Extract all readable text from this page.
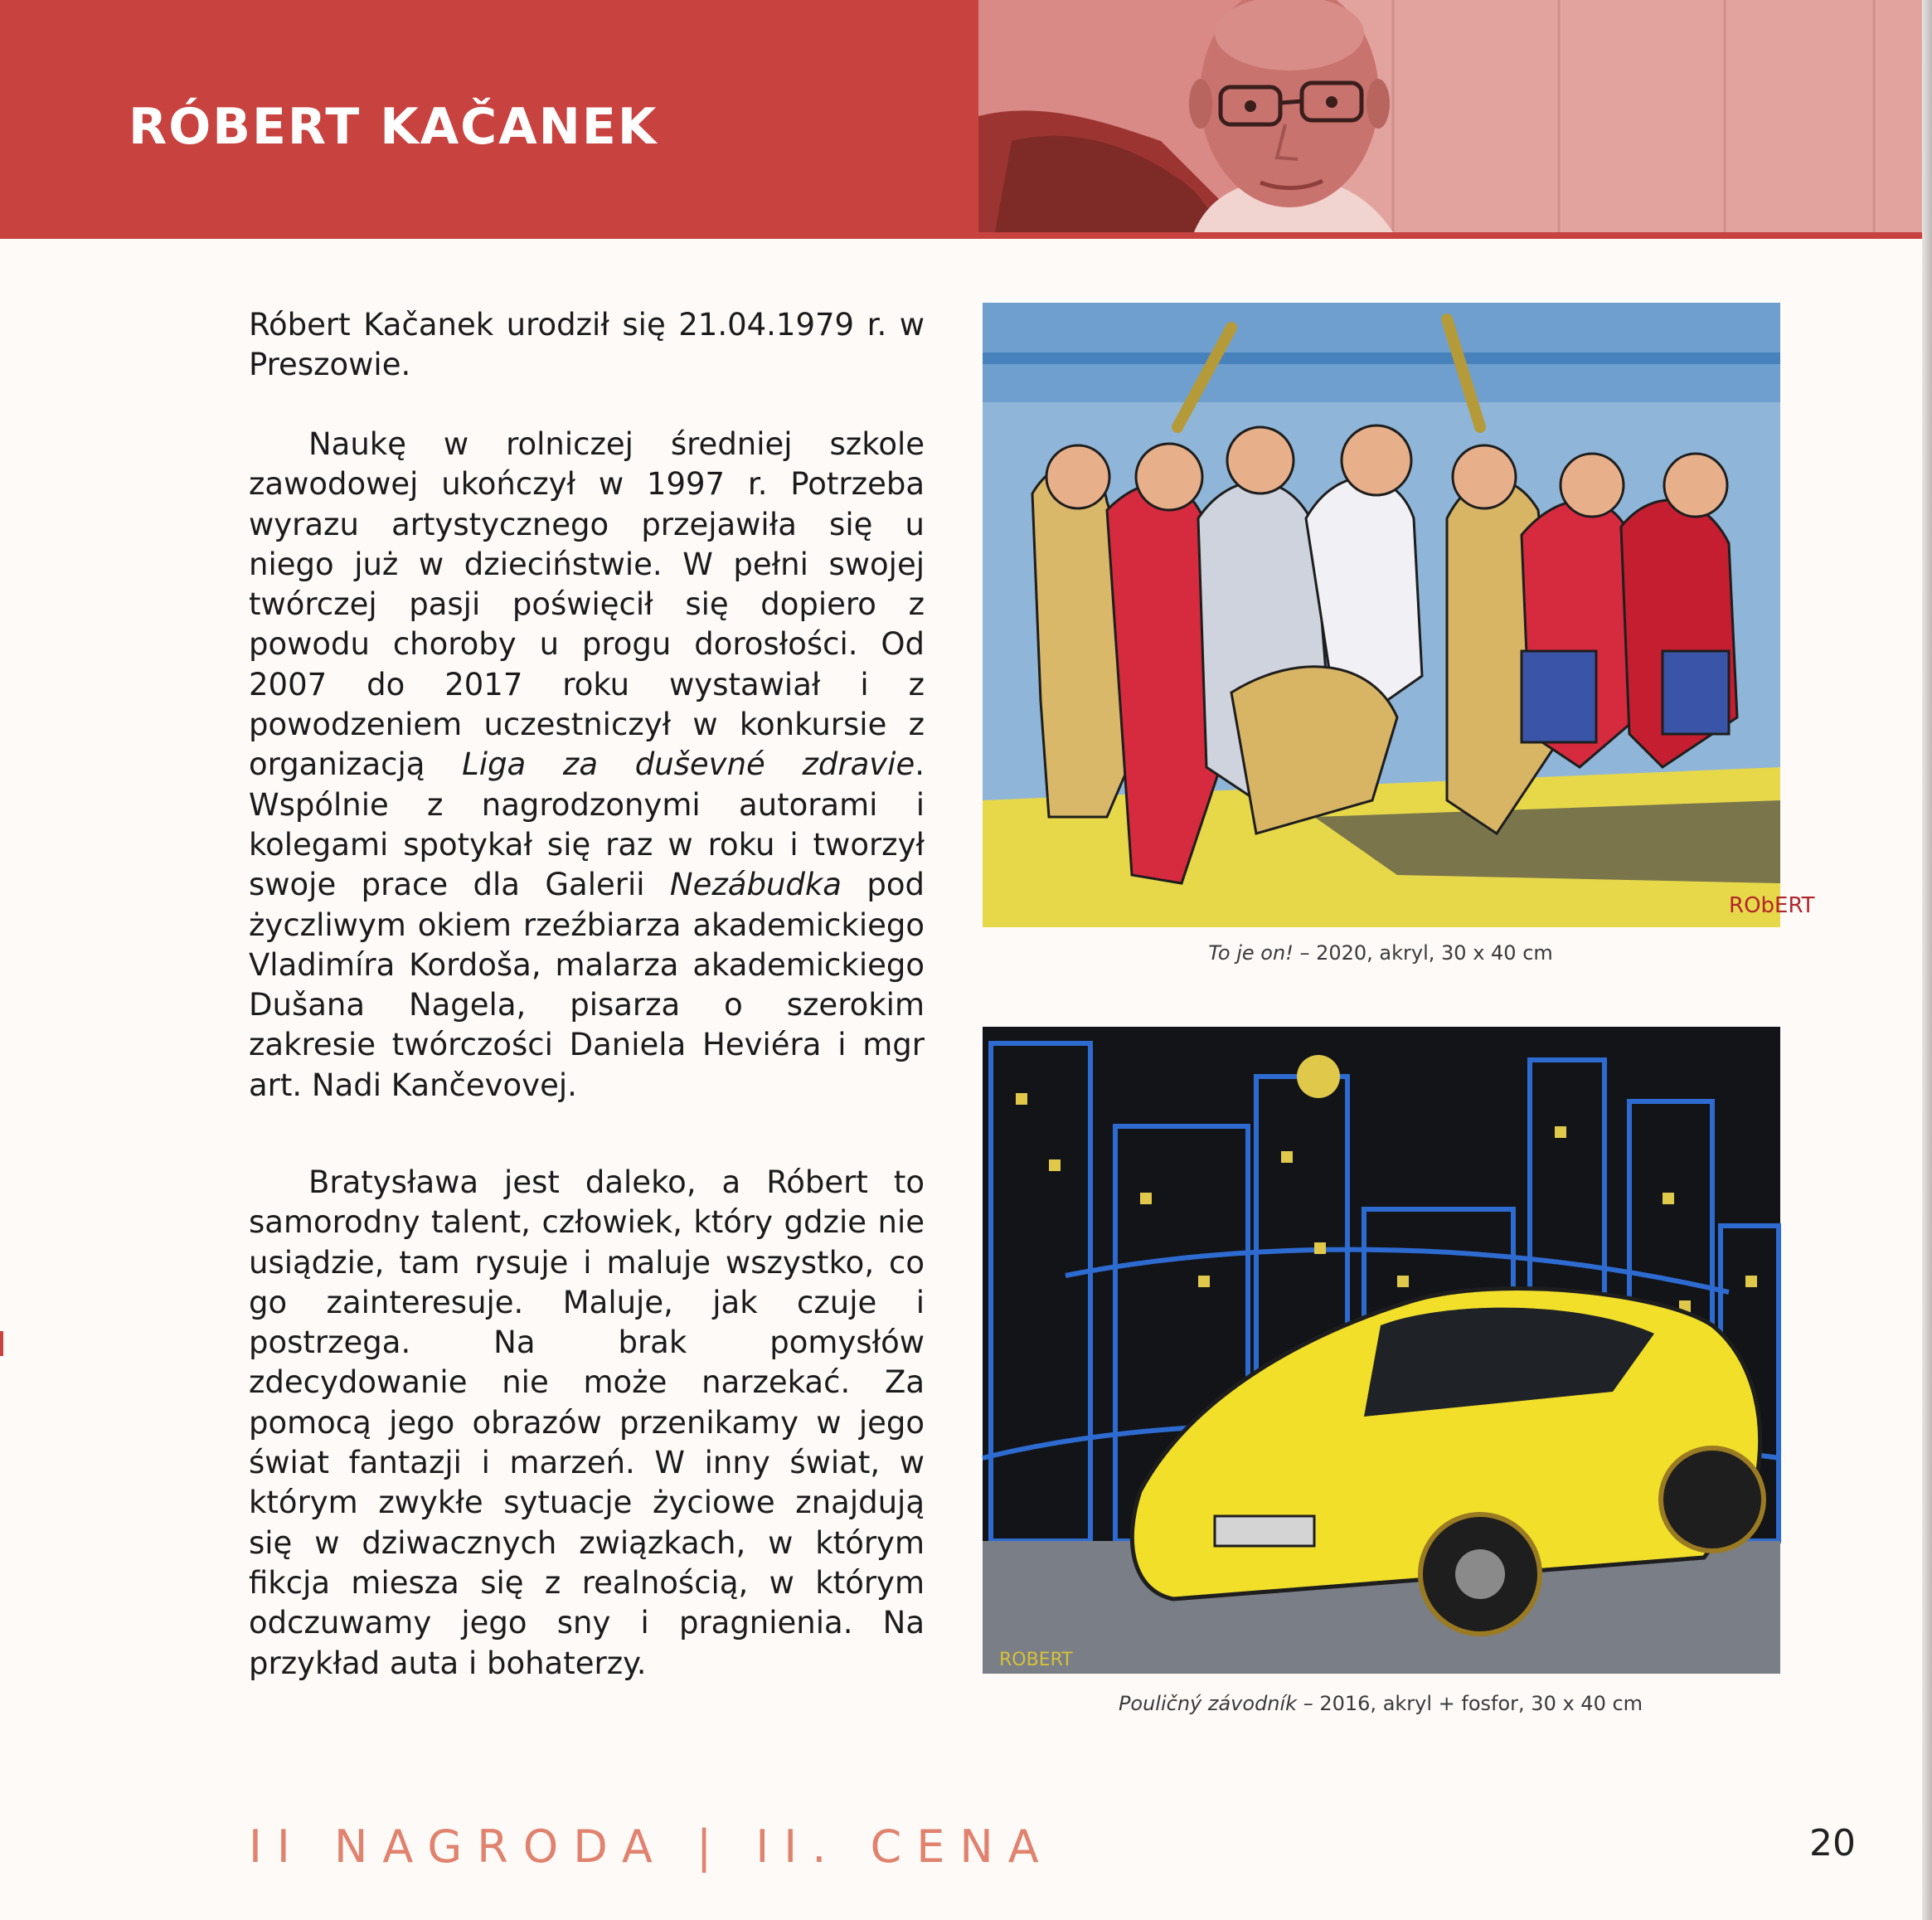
RÓBERT KAČANEK

Róbert Kačanek urodził się 21.04.1979 r. w Preszowie.

Naukę w rolniczej średniej szkole zawodowej ukończył w 1997 r. Potrzeba wyrazu artystycznego przejawiła się u niego już w dzieciństwie. W pełni swojej twórczej pasji poświęcił się dopiero z powodu choroby u progu dorosłości. Od 2007 do 2017 roku wystawiał i z powodzeniem uczestniczył w konkursie z organizacją Liga za duševné zdravie. Wspólnie z nagrodzonymi autorami i kolegami spotykał się raz w roku i tworzył swoje prace dla Galerii Nezábudka pod życzliwym okiem rzeźbiarza akademickiego Vladimíra Kordoša, malarza akademickiego Dušana Nagela, pisarza o szerokim zakresie twórczości Daniela Heviéra i mgr art. Nadi Kančevovej.

Bratysława jest daleko, a Róbert to samorodny talent, człowiek, który gdzie nie usiądzie, tam rysuje i maluje wszystko, co go zainteresuje. Maluje, jak czuje i postrzega. Na brak pomysłów zdecydowanie nie może narzekać. Za pomocą jego obrazów przenikamy w jego świat fantazji i marzeń. W inny świat, w którym zwykłe sytuacje życiowe znajdują się w dziwacznych związkach, w którym fikcja miesza się z realnością, w którym odczuwamy jego sny i pragnienia. Na przykład auta i bohaterzy.

RObERT
To je on! – 2020, akryl, 30 x 40 cm
ROBERT
Pouličný závodník – 2016, akryl + fosfor, 30 x 40 cm
II NAGRODA | II. CENA	20
